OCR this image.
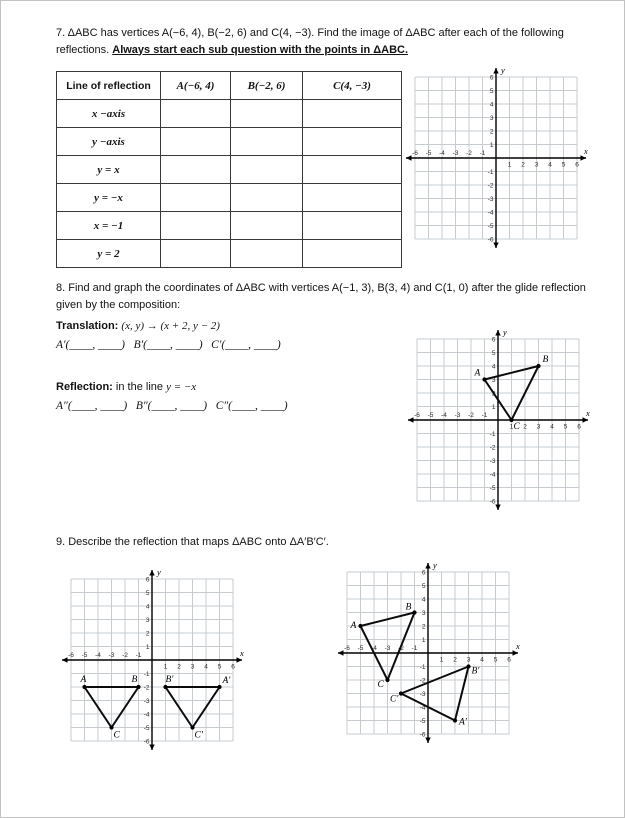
7. ΔABC has vertices A(−6, 4), B(−2, 6) and C(4, −3). Find the image of ΔABC after each of the following reflections. Always start each sub question with the points in ΔABC.

Line of reflection	A(−6, 4)	B(−2, 6)	C(4, −3)
x −axis			
y −axis			
y = x			
y = −x			
x = −1			
y = 2			
x
y
-6
-6
-5
-5
-4
-4
-3
-3
-2
-2
-1
-1
1
1
2
2
3
3
4
4
5
5
6
6

8. Find and graph the coordinates of ΔABC with vertices A(−1, 3), B(3, 4) and C(1, 0) after the glide reflection given by the composition:

Translation: (x, y) → (x + 2, y − 2)

A′(____, ____)   B′(____, ____)   C′(____, ____)

Reflection: in the line y = −x

A″(____, ____)   B″(____, ____)   C″(____, ____)

x
y
-6
-6
-5
-5
-4
-4
-3
-3
-2
-2
-1
-1
1
1
2
2
3
3
4
4
5
5
6
6
A
B
C

9. Describe the reflection that maps ΔABC onto ΔA′B′C′.

x
y
-6
-6
-5
-5
-4
-4
-3
-3
-2
-2
-1
-1
1
1
2
2
3
3
4
4
5
5
6
6
A	B
C
B′	A′
C′
x
y
-6
-6
-5
-5
-4
-4
-3
-3
-2
-2
-1
-1
1
1
2
2
3
3
4
4
5
5
6
6
A
B
C
B′
C′
A′
